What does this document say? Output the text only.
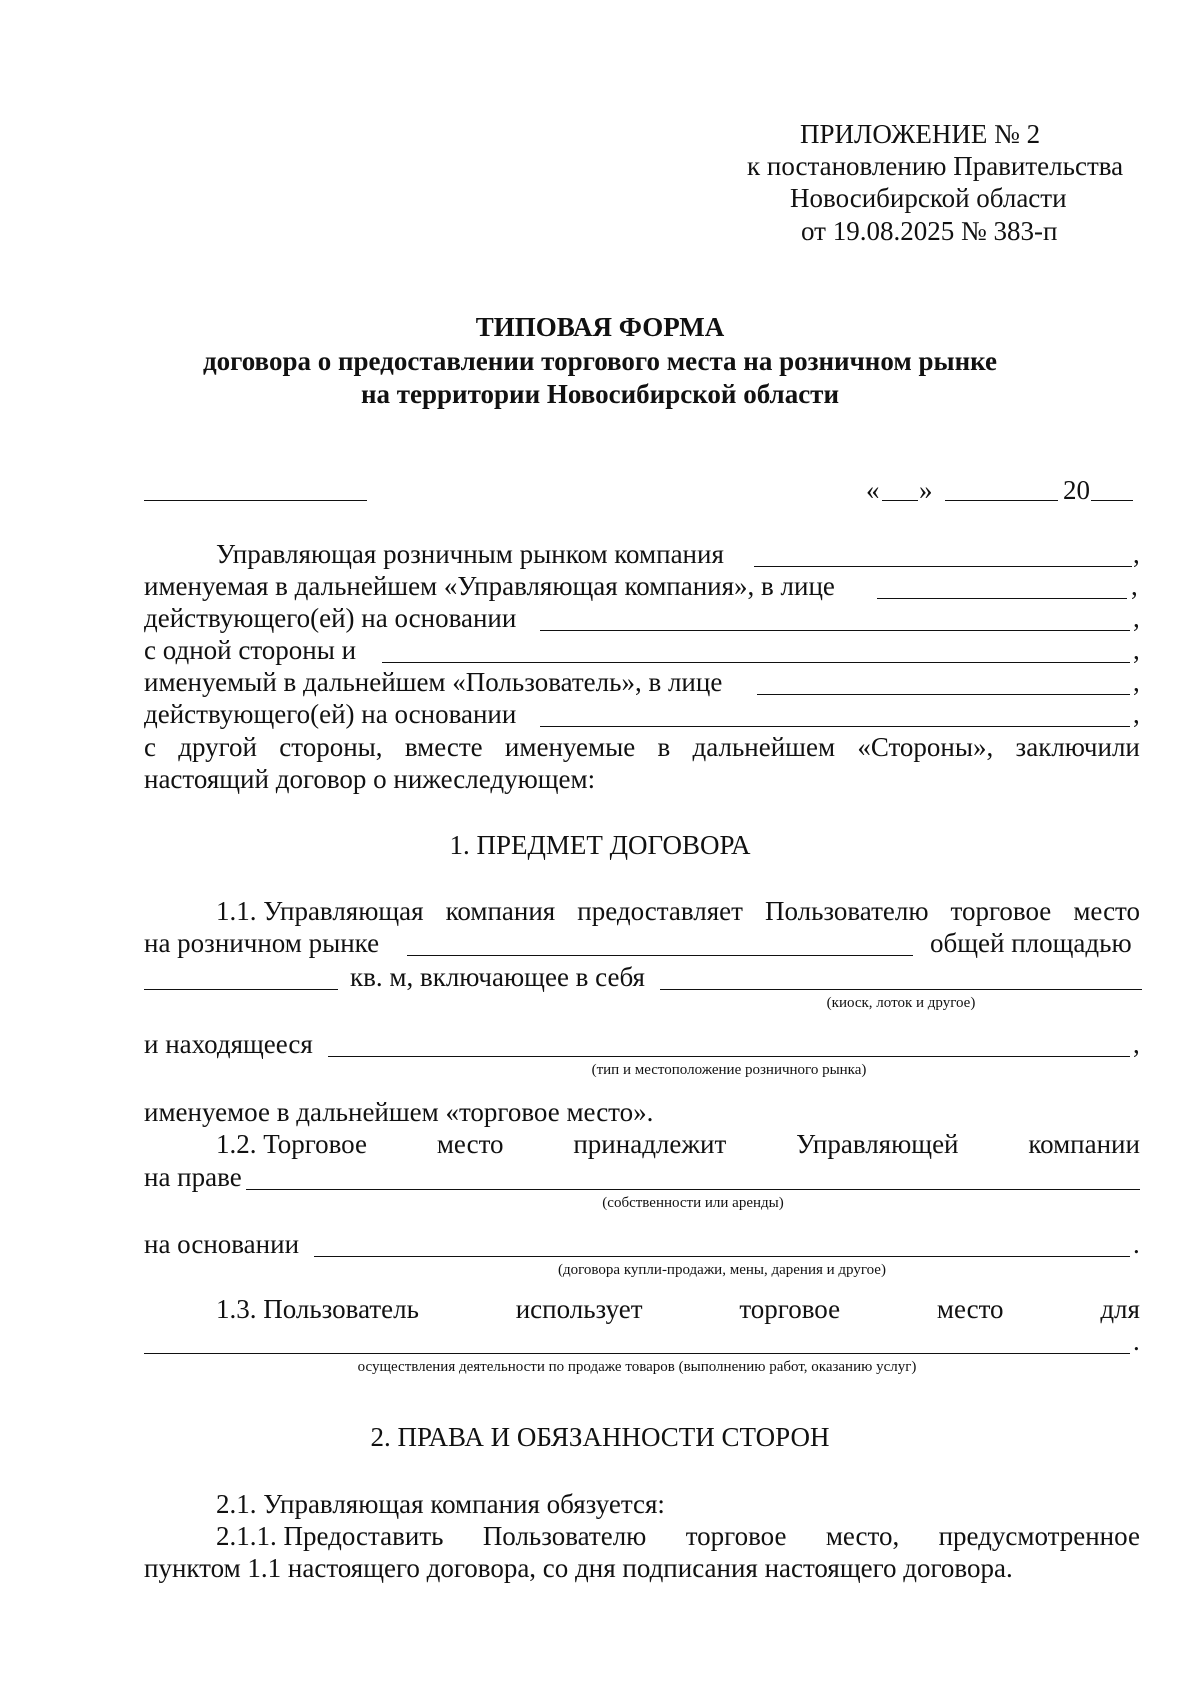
ПРИЛОЖЕНИЕ № 2
к постановлению Правительства
Новосибирской области
от 19.08.2025 № 383-п
ТИПОВАЯ ФОРМА
договора о предоставлении торгового места на розничном рынке
на территории Новосибирской области
« »	20
Управляющая розничным рынком компания	,
именуемая в дальнейшем «Управляющая компания», в лице	,
действующего(ей) на основании	,
с одной стороны и	,
именуемый в дальнейшем «Пользователь», в лице	,
действующего(ей) на основании	,
с другой стороны, вместе именуемые в дальнейшем «Стороны», заключили
настоящий договор о нижеследующем:
1. ПРЕДМЕТ ДОГОВОРА
1.1. Управляющая компания предоставляет Пользователю торговое место
на розничном рынке	общей площадью
кв. м, включающее в себя
(киоск, лоток и другое)
и находящееся	,
(тип и местоположение розничного рынка)
именуемое в дальнейшем «торговое место».
1.2. Торговое	место	принадлежит	Управляющей	компании
на праве
(собственности или аренды)
на основании	.
(договора купли-продажи, мены, дарения и другое)
1.3. Пользователь	использует	торговое	место	для
.
осуществления деятельности по продаже товаров (выполнению работ, оказанию услуг)
2. ПРАВА И ОБЯЗАННОСТИ СТОРОН
2.1. Управляющая компания обязуется:
2.1.1. Предоставить Пользователю торговое место, предусмотренное
пунктом 1.1 настоящего договора, со дня подписания настоящего договора.
